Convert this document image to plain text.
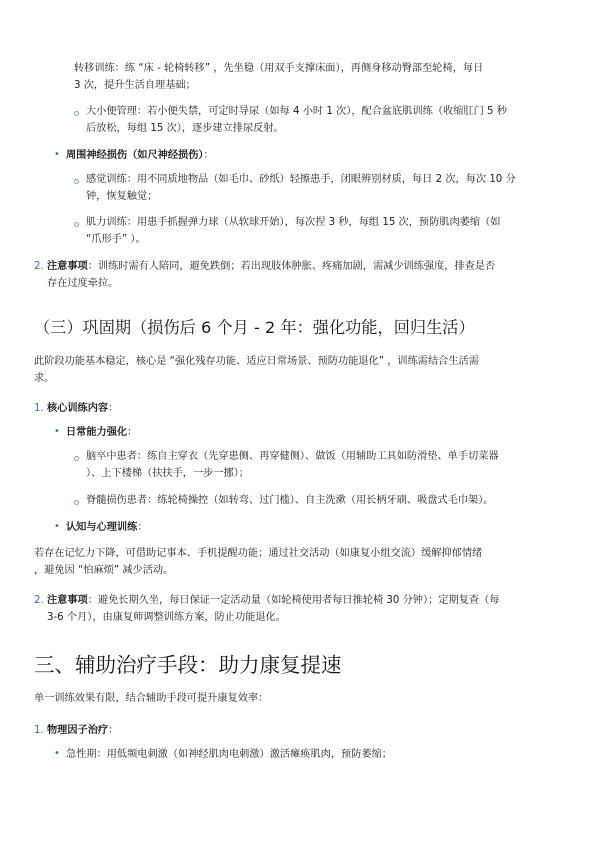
转移训练：练 “床 - 轮椅转移” ，先坐稳（用双手支撑床面），再侧身移动臀部至轮椅，每日
3 次，提升生活自理基础；
大小便管理：若小便失禁，可定时导尿（如每 4 小时 1 次），配合盆底肌训练（收缩肛门 5 秒
后放松，每组 15 次），逐步建立排尿反射。
• 周围神经损伤（如尺神经损伤）：
感觉训练：用不同质地物品（如毛巾、砂纸）轻擦患手，闭眼辨别材质，每日 2 次，每次 10 分
钟，恢复触觉；
肌力训练：用患手抓握弹力球（从软球开始），每次捏 3 秒，每组 15 次，预防肌肉萎缩（如
“爪形手” ）。
2. 注意事项：训练时需有人陪同，避免跌倒；若出现肢体肿胀、疼痛加剧，需减少训练强度，排查是否
存在过度牵拉。
（三）巩固期（损伤后 6 个月 - 2 年：强化功能，回归生活）
此阶段功能基本稳定，核心是 “强化残存功能、适应日常场景、预防功能退化” ，训练需结合生活需
求。
1. 核心训练内容：
• 日常能力强化：
脑卒中患者：练自主穿衣（先穿患侧、再穿健侧）、做饭（用辅助工具如防滑垫、单手切菜器
）、上下楼梯（扶扶手，一步一挪）；
脊髓损伤患者：练轮椅操控（如转弯、过门槛）、自主洗漱（用长柄牙刷、吸盘式毛巾架）。
• 认知与心理训练：
若存在记忆力下降，可借助记事本、手机提醒功能；通过社交活动（如康复小组交流）缓解抑郁情绪
，避免因 “怕麻烦” 减少活动。
2. 注意事项：避免长期久坐，每日保证一定活动量（如轮椅使用者每日推轮椅 30 分钟）；定期复查（每
3-6 个月），由康复师调整训练方案，防止功能退化。
三、辅助治疗手段：助力康复提速
单一训练效果有限，结合辅助手段可提升康复效率：
1. 物理因子治疗：
• 急性期：用低频电刺激（如神经肌肉电刺激）激活瘫痪肌肉，预防萎缩；
